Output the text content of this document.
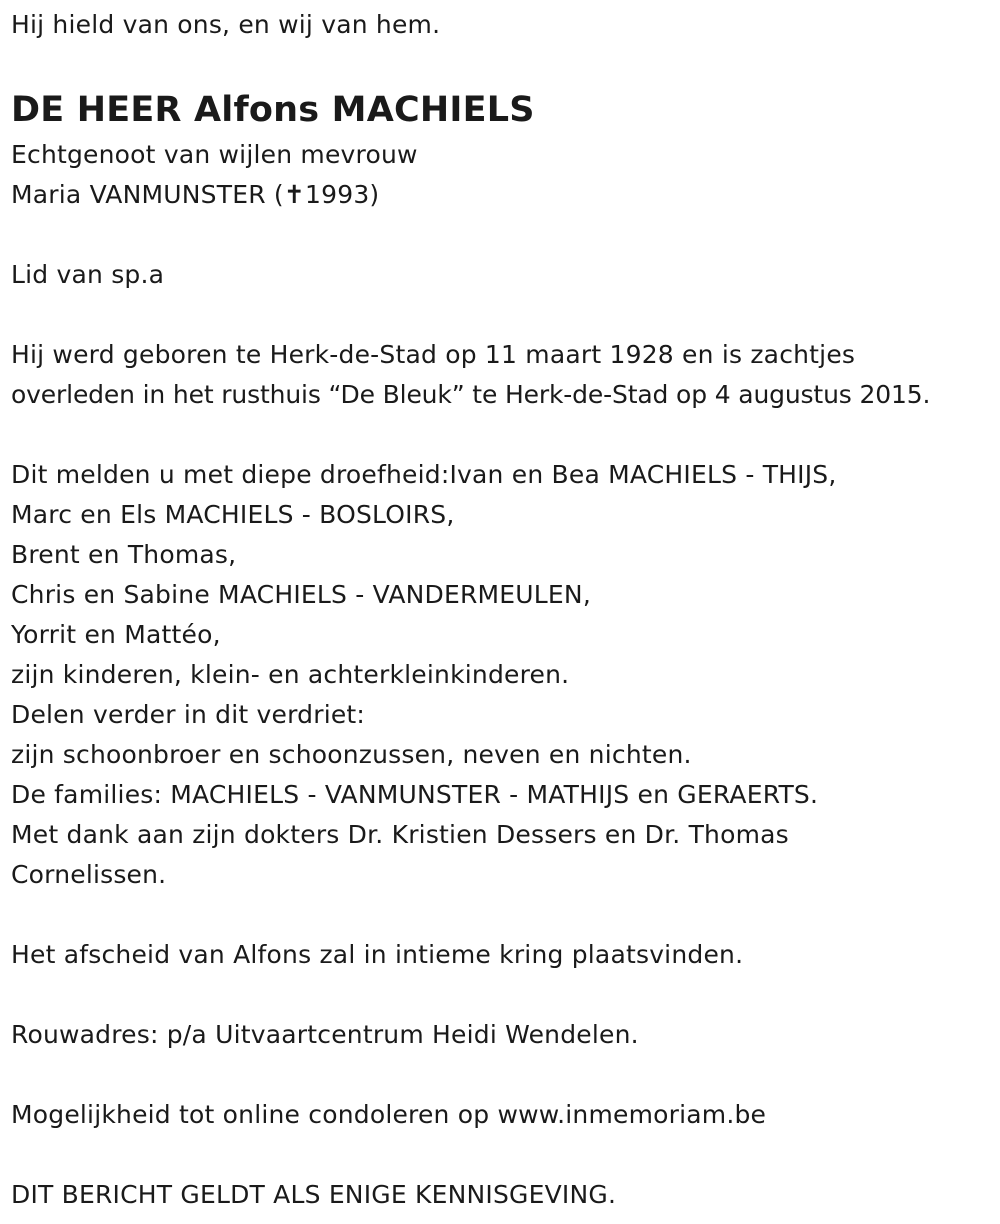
Hij hield van ons, en wij van hem.
DE HEER Alfons MACHIELS
Echtgenoot van wijlen mevrouw
Maria VANMUNSTER (✝1993)
Lid van sp.a
Hij werd geboren te Herk-de-Stad op 11 maart 1928 en is zachtjes
overleden in het rusthuis “De Bleuk” te Herk-de-Stad op 4 augustus 2015.
Dit melden u met diepe droefheid:Ivan en Bea MACHIELS - THIJS,
Marc en Els MACHIELS - BOSLOIRS,
Brent en Thomas,
Chris en Sabine MACHIELS - VANDERMEULEN,
Yorrit en Mattéo,
zijn kinderen, klein- en achterkleinkinderen.
Delen verder in dit verdriet:
zijn schoonbroer en schoonzussen, neven en nichten.
De families: MACHIELS - VANMUNSTER - MATHIJS en GERAERTS.
Met dank aan zijn dokters Dr. Kristien Dessers en Dr. Thomas
Cornelissen.
Het afscheid van Alfons zal in intieme kring plaatsvinden.
Rouwadres: p/a Uitvaartcentrum Heidi Wendelen.
Mogelijkheid tot online condoleren op www.inmemoriam.be
DIT BERICHT GELDT ALS ENIGE KENNISGEVING.
